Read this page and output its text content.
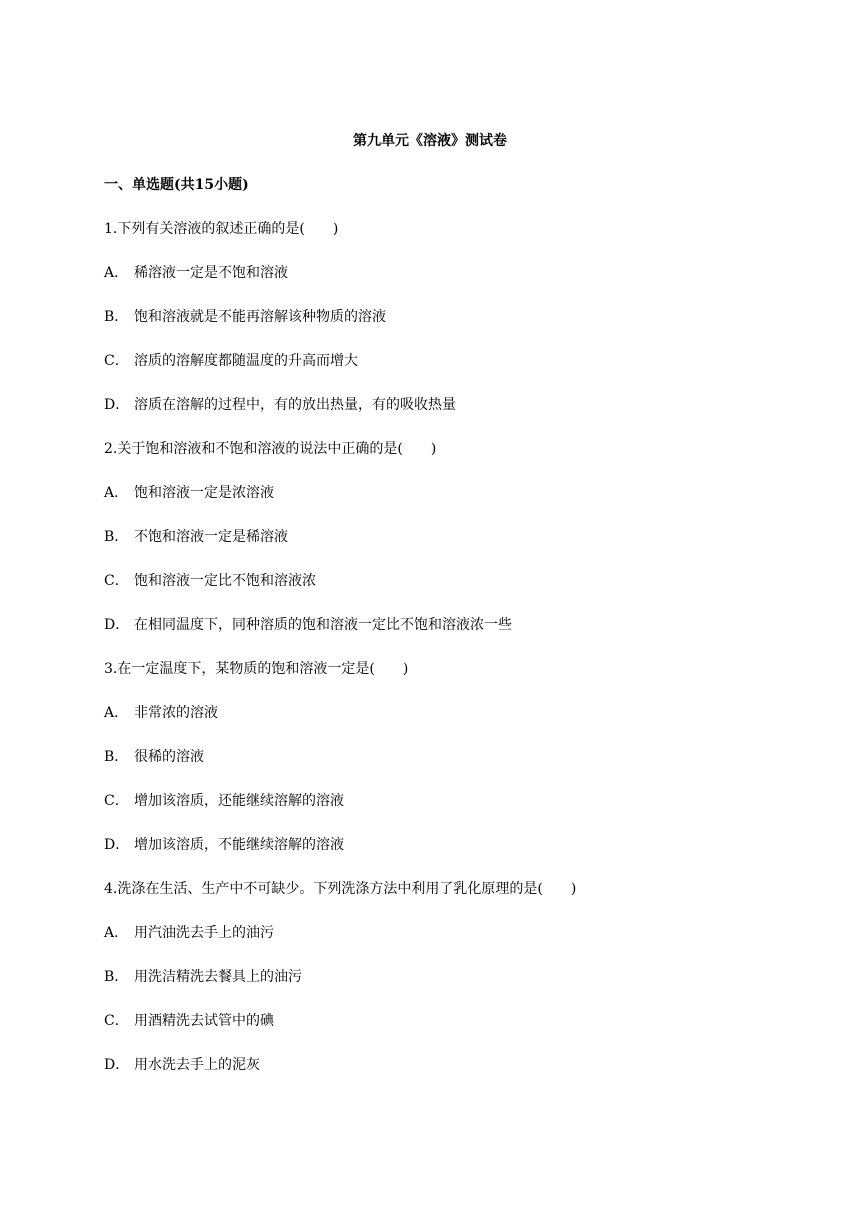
第九单元《溶液》测试卷
一、单选题(共15小题)
1.下列有关溶液的叙述正确的是(　　)
A． 稀溶液一定是不饱和溶液
B． 饱和溶液就是不能再溶解该种物质的溶液
C． 溶质的溶解度都随温度的升高而增大
D． 溶质在溶解的过程中，有的放出热量，有的吸收热量
2.关于饱和溶液和不饱和溶液的说法中正确的是(　　)
A． 饱和溶液一定是浓溶液
B． 不饱和溶液一定是稀溶液
C． 饱和溶液一定比不饱和溶液浓
D． 在相同温度下，同种溶质的饱和溶液一定比不饱和溶液浓一些
3.在一定温度下，某物质的饱和溶液一定是(　　)
A． 非常浓的溶液
B． 很稀的溶液
C． 增加该溶质，还能继续溶解的溶液
D． 增加该溶质，不能继续溶解的溶液
4.洗涤在生活、生产中不可缺少。下列洗涤方法中利用了乳化原理的是(　　)
A． 用汽油洗去手上的油污
B． 用洗洁精洗去餐具上的油污
C． 用酒精洗去试管中的碘
D． 用水洗去手上的泥灰
